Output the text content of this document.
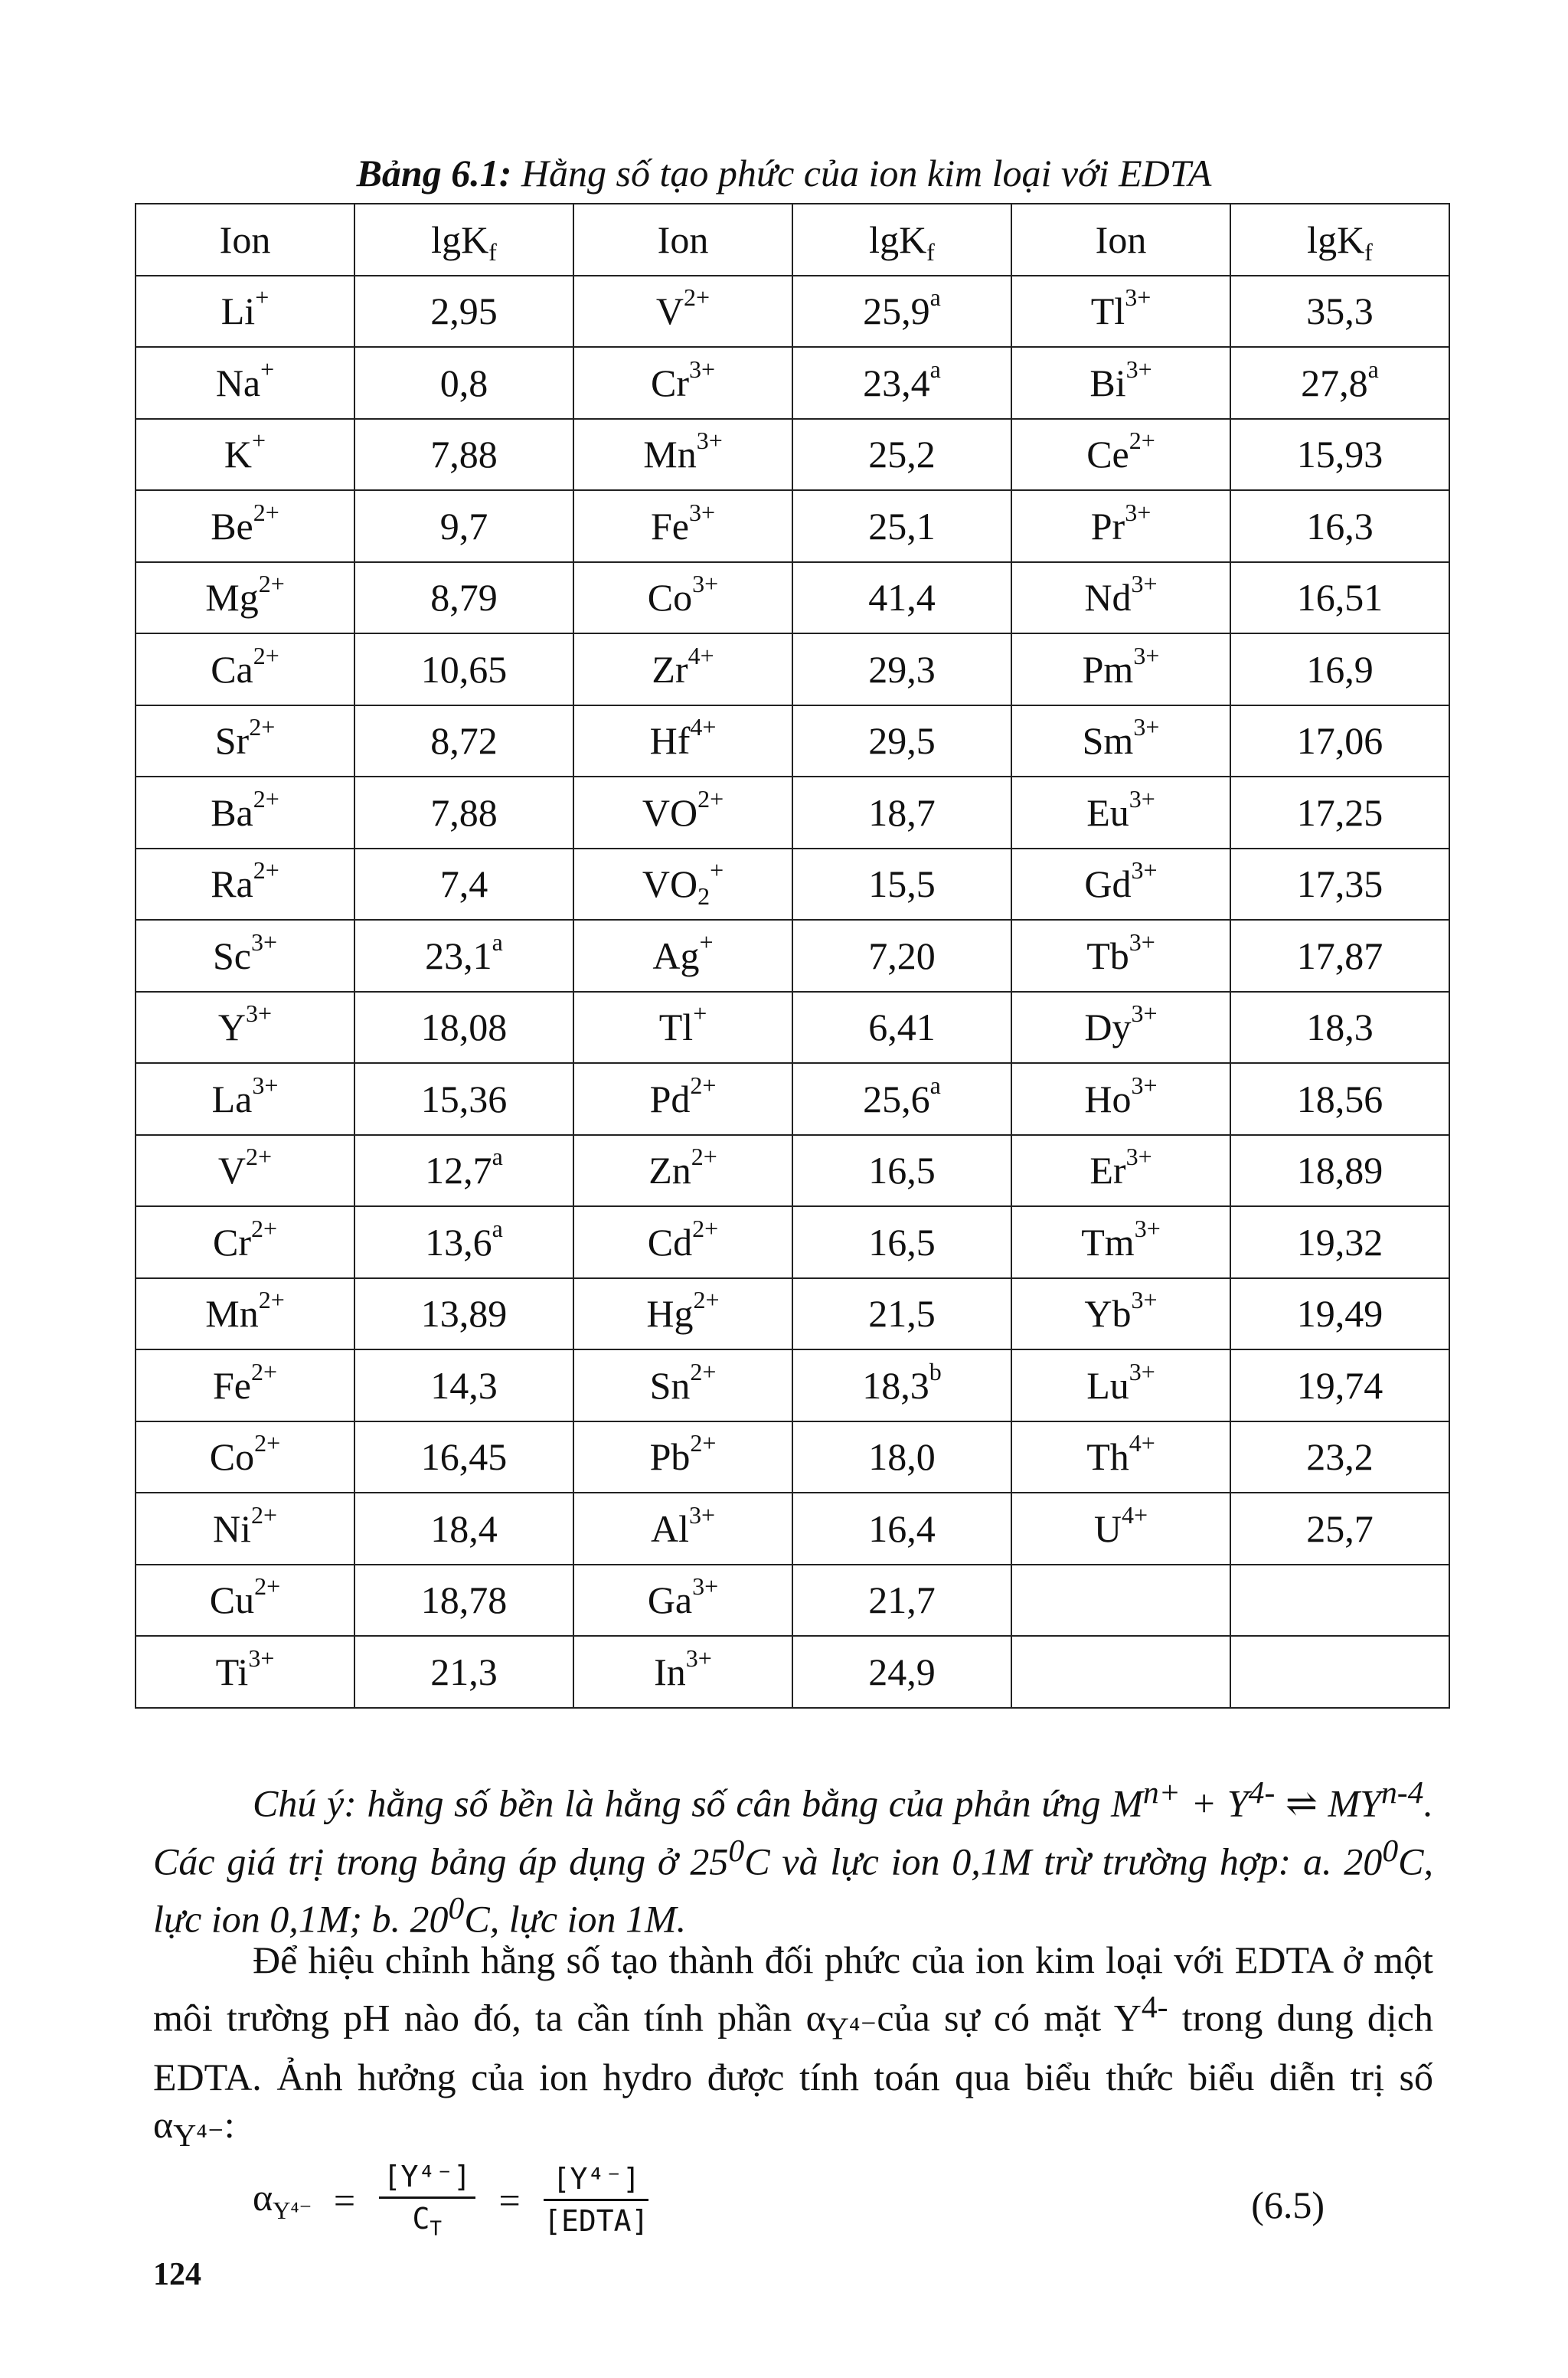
Bảng 6.1: Hằng số tạo phức của ion kim loại với EDTA
Ion	lgK$_f$	Ion	lgK$_f$	Ion	lgK$_f$
Li+	2,95	$V^{2+}$	25,9$^a$	$Tl^{3+}$	35,3
Na+	0,8	$Cr^{3+}$	23,4$^a$	$Bi^{3+}$	27,8$^a$
K+	7,88	$Mn^{3+}$	25,2	$Ce^{2+}$	15,93
$Be^{2+}$	9,7	$Fe^{3+}$	25,1	$Pr^{3+}$	16,3
$Mg^{2+}$	8,79	$Co^{3+}$	41,4	$Nd^{3+}$	16,51
$Ca^{2+}$	10,65	$Zr^{4+}$	29,3	$Pm^{3+}$	16,9
$Sr^{2+}$	8,72	$Hf^{4+}$	29,5	$Sm^{3+}$	17,06
$Ba^{2+}$	7,88	$VO^{2+}$	18,7	$Eu^{3+}$	17,25
$Ra^{2+}$	7,4	$VO_2^+$	15,5	$Gd^{3+}$	17,35
$Sc^{3+}$	23,1$^a$	Ag+	7,20	$Tb^{3+}$	17,87
$Y^{3+}$	18,08	Tl+	6,41	$Dy^{3+}$	18,3
$La^{3+}$	15,36	$Pd^{2+}$	25,6$^a$	$Ho^{3+}$	18,56
$V^{2+}$	12,7$^a$	$Zn^{2+}$	16,5	$Er^{3+}$	18,89
$Cr^{2+}$	13,6$^a$	$Cd^{2+}$	16,5	$Tm^{3+}$	19,32
$Mn^{2+}$	13,89	$Hg^{2+}$	21,5	$Yb^{3+}$	19,49
$Fe^{2+}$	14,3	$Sn^{2+}$	18,3$^b$	$Lu^{3+}$	19,74
$Co^{2+}$	16,45	$Pb^{2+}$	18,0	$Th^{4+}$	23,2
$Ni^{2+}$	18,4	$Al^{3+}$	16,4	$U^{4+}$	25,7
$Cu^{2+}$	18,78	$Ga^{3+}$	21,7		
$Ti^{3+}$	21,3	$In^{3+}$	24,9		
Chú ý: hằng số bền là hằng số cân bằng của phản ứng $M^{n+} + Y^{4-}$ ⇌ MY$^{n-4}$. Các giá trị trong bảng áp dụng ở $25^0C$ và lực ion 0,1M trừ trường hợp: a. $20^0C$, lực ion 0,1M; b. $20^0C$, lực ion 1M.
Để hiệu chỉnh hằng số tạo thành đối phức của ion kim loại với EDTA ở một môi trường pH nào đó, ta cần tính phần $\alpha_{Y^{4-}}của$ sự có mặt $Y^{4-}$ trong dung dịch EDTA. Ảnh hưởng của ion hydro được tính toán qua biểu thức biểu diễn trị số $\alpha_{Y^{4-}}$:
$\alpha_{Y^{4-}} = \frac{\text{[Y⁴⁻]}}{C_T} = \frac{\text{[Y⁴⁻]}}{\text{[EDTA]}}$	(6.5)
124
